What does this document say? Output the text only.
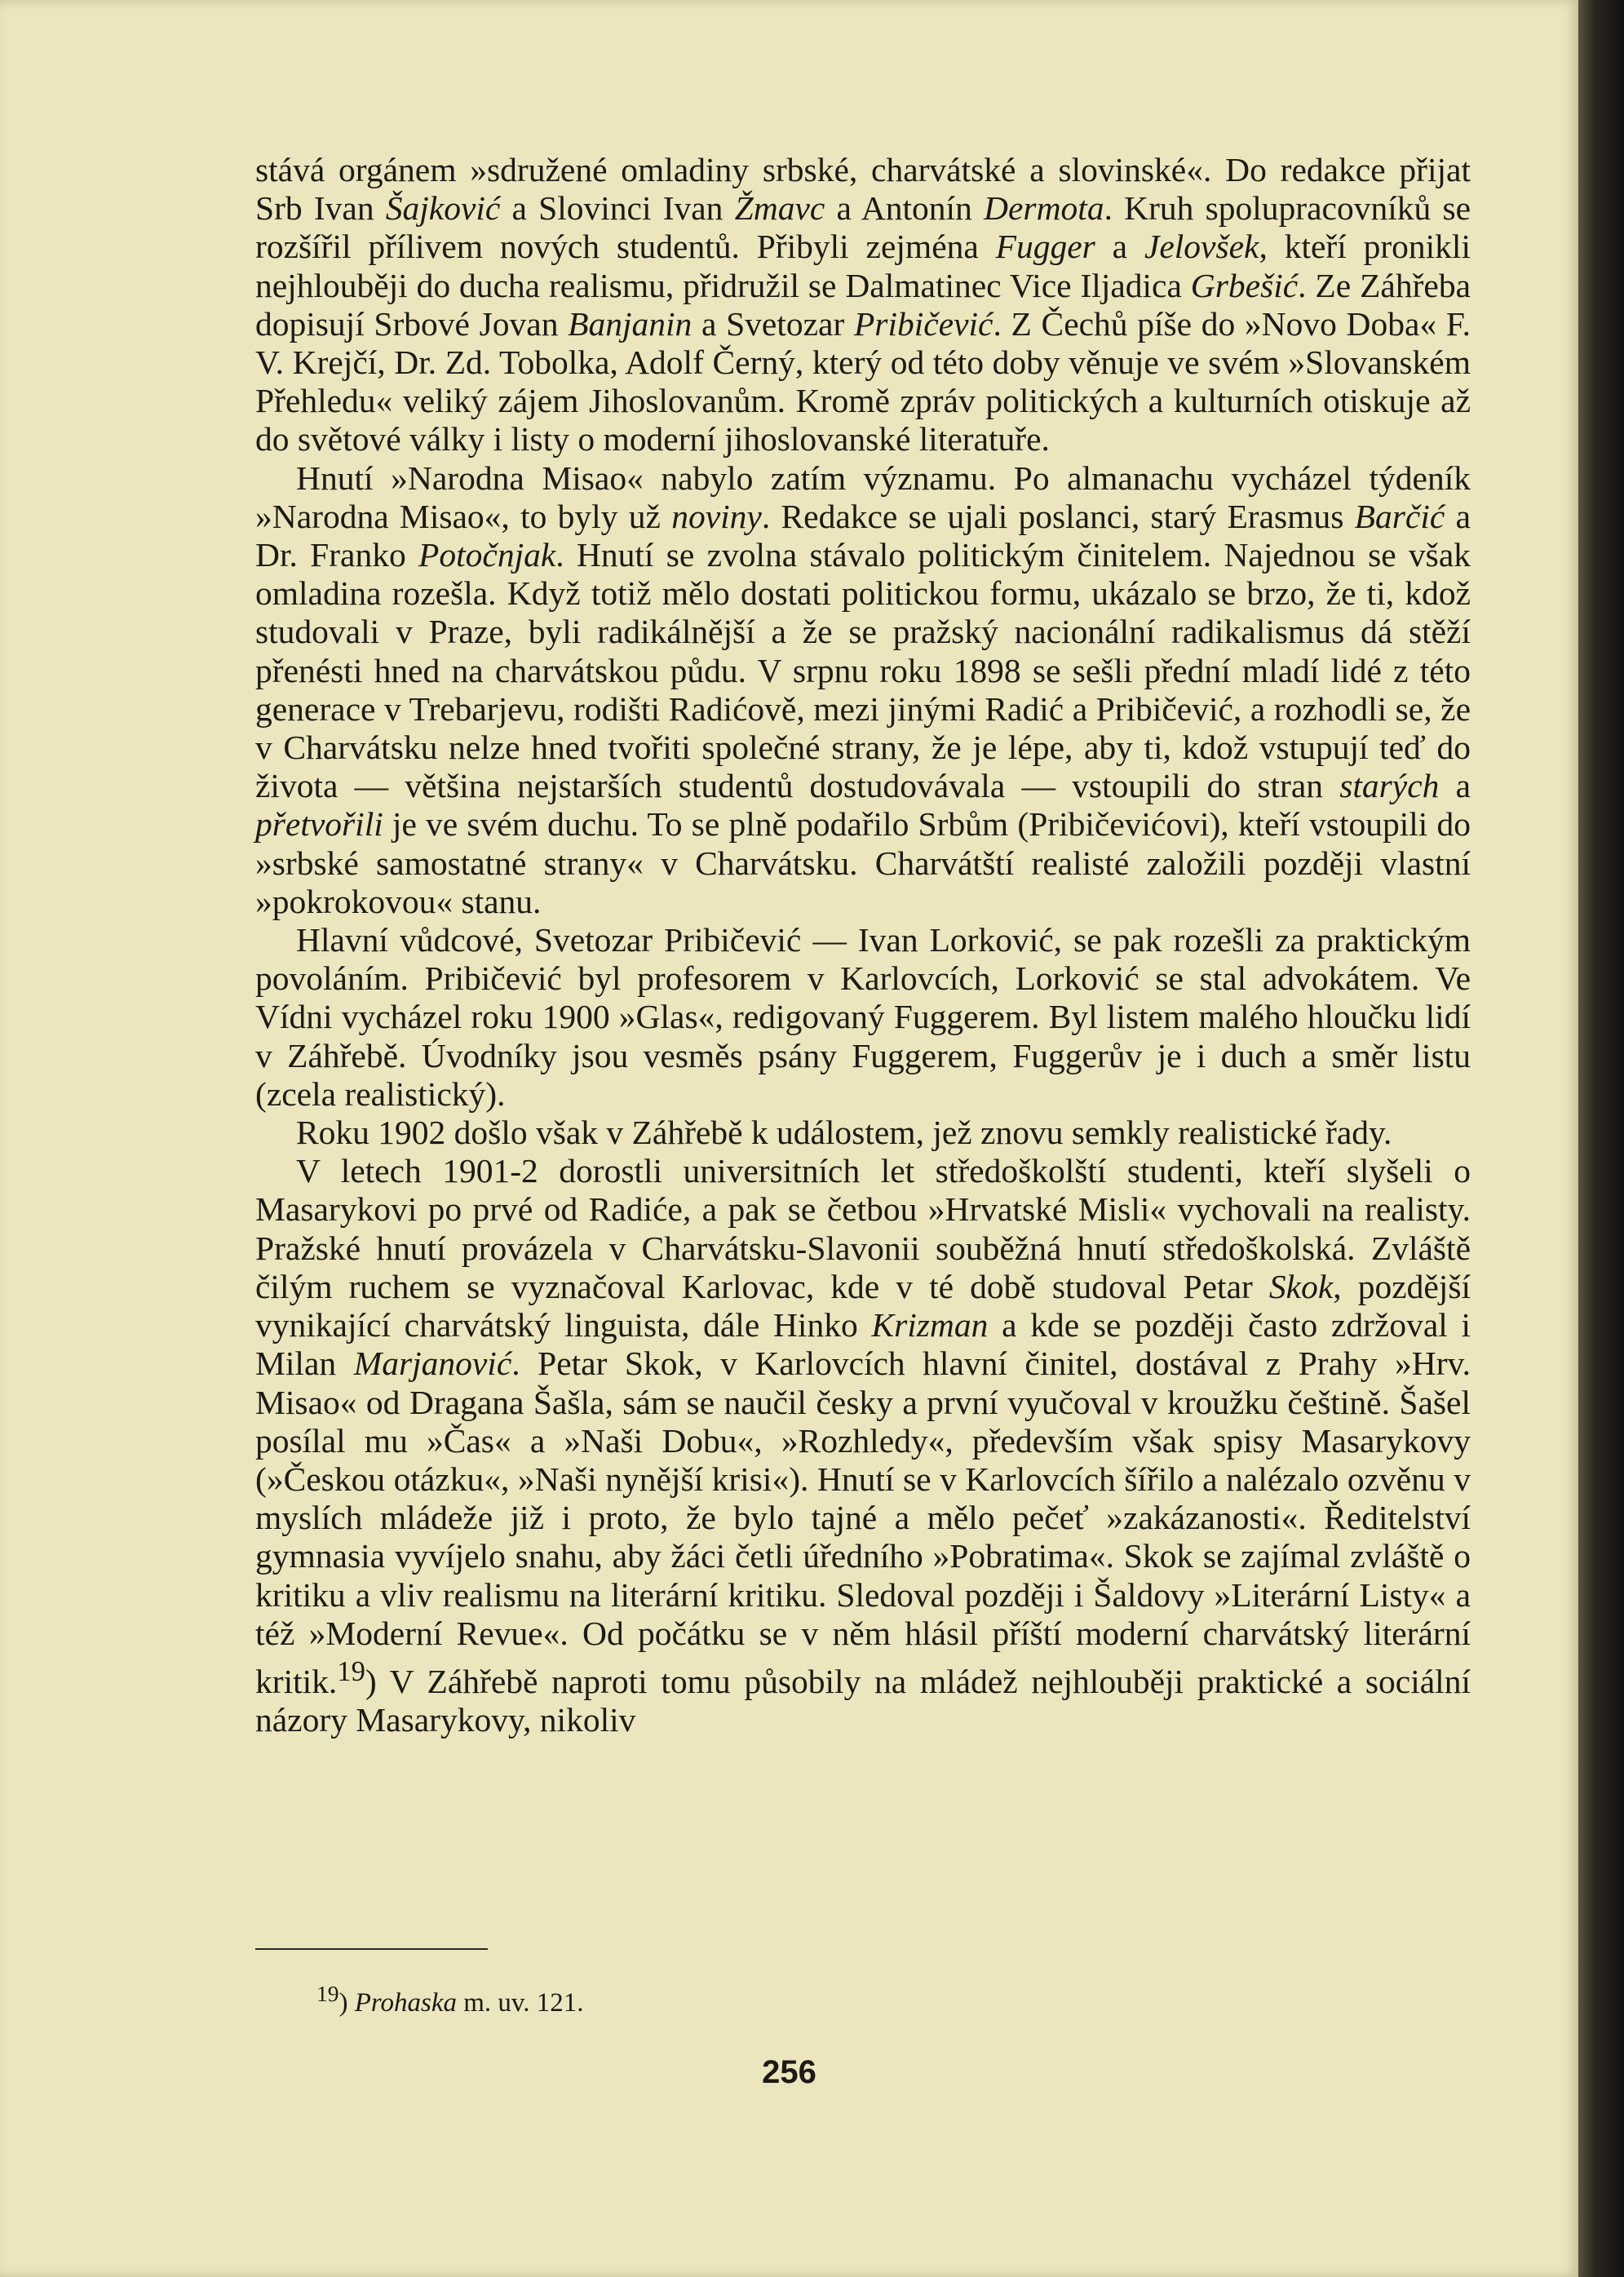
stává orgánem »sdružené omladiny srbské, charvátské a slovinské«. Do redakce přijat Srb Ivan Šajković a Slovinci Ivan Žmavc a Antonín Dermota. Kruh spolupracovníků se rozšířil přílivem nových studentů. Přibyli zejména Fugger a Jelovšek, kteří pronikli nejhlouběji do ducha realismu, přidružil se Dalmatinec Vice Iljadica Grbešić. Ze Záhřeba dopisují Srbové Jovan Banjanin a Svetozar Pribičević. Z Čechů píše do »Novo Doba« F. V. Krejčí, Dr. Zd. Tobolka, Adolf Černý, který od této doby věnuje ve svém »Slovanském Přehledu« veliký zájem Jihoslovanům. Kromě zpráv politických a kulturních otiskuje až do světové války i listy o moderní jihoslovanské literatuře.

Hnutí »Narodna Misao« nabylo zatím významu. Po almanachu vycházel týdeník »Narodna Misao«, to byly už noviny. Redakce se ujali poslanci, starý Erasmus Barčić a Dr. Franko Potočnjak. Hnutí se zvolna stávalo politickým činitelem. Najednou se však omladina rozešla. Když totiž mělo dostati politickou formu, ukázalo se brzo, že ti, kdož studovali v Praze, byli radikálnější a že se pražský nacionální radikalismus dá stěží přenésti hned na charvátskou půdu. V srpnu roku 1898 se sešli přední mladí lidé z této generace v Trebarjevu, rodišti Radićově, mezi jinými Radić a Pribičević, a rozhodli se, že v Charvátsku nelze hned tvořiti společné strany, že je lépe, aby ti, kdož vstupují teď do života — většina nejstarších studentů dostudovávala — vstoupili do stran starých a přetvořili je ve svém duchu. To se plně podařilo Srbům (Pribičevićovi), kteří vstoupili do »srbské samostatné strany« v Charvátsku. Charvátští realisté založili později vlastní »pokrokovou« stanu.

Hlavní vůdcové, Svetozar Pribičević — Ivan Lorković, se pak rozešli za praktickým povoláním. Pribičević byl profesorem v Karlovcích, Lorković se stal advokátem. Ve Vídni vycházel roku 1900 »Glas«, redigovaný Fuggerem. Byl listem malého hloučku lidí v Záhřebě. Úvodníky jsou vesměs psány Fuggerem, Fuggerův je i duch a směr listu (zcela realistický).

Roku 1902 došlo však v Záhřebě k událostem, jež znovu semkly realistické řady.

V letech 1901-2 dorostli universitních let středoškolští studenti, kteří slyšeli o Masarykovi po prvé od Radiće, a pak se četbou »Hrvatské Misli« vychovali na realisty. Pražské hnutí provázela v Charvátsku-Slavonii souběžná hnutí středoškolská. Zvláště čilým ruchem se vyznačoval Karlovac, kde v té době studoval Petar Skok, pozdější vynikající charvátský linguista, dále Hinko Krizman a kde se později často zdržoval i Milan Marjanović. Petar Skok, v Karlovcích hlavní činitel, dostával z Prahy »Hrv. Misao« od Dragana Šašla, sám se naučil česky a první vyučoval v kroužku češtině. Šašel posílal mu »Čas« a »Naši Dobu«, »Rozhledy«, především však spisy Masarykovy (»Českou otázku«, »Naši nynější krisi«). Hnutí se v Karlovcích šířilo a nalézalo ozvěnu v myslích mládeže již i proto, že bylo tajné a mělo pečeť »zakázanosti«. Ředitelství gymnasia vyvíjelo snahu, aby žáci četli úředního »Pobratima«. Skok se zajímal zvláště o kritiku a vliv realismu na literární kritiku. Sledoval později i Šaldovy »Literární Listy« a též »Moderní Revue«. Od počátku se v něm hlásil příští moderní charvátský literární kritik.$^{19}$) V Záhřebě naproti tomu působily na mládež nejhlouběji praktické a sociální názory Masarykovy, nikoliv

$^{19}$) Prohaska m. uv. 121.
256
